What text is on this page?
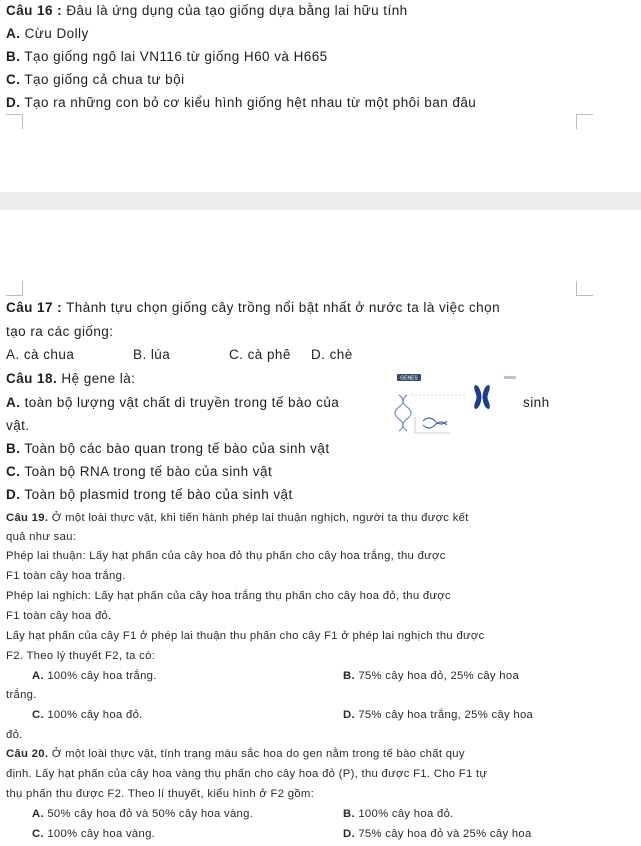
Câu 16 : Đâu là ứng dụng của tạo giống dựa bằng lai hữu tính
A. Cừu Dolly
B. Tạo giống ngô lai VN116 từ giống H60 và H665
C. Tạo giống cả chua tư bội
D. Tạo ra những con bỏ cơ kiểu hình giống hệt nhau từ một phôi ban đâu
Câu 17 : Thành tựu chọn giống cây trồng nổi bật nhất ở nước ta là việc chọn
tạo ra các giống:
A. cà chua	B. lúa	C. cà phê D. chè
Câu 18. Hệ gene là:
A. toàn bộ lượng vật chất di truyền trong tế bào của	sinh
vật.
B. Toàn bộ các bào quan trong tế bào của sinh vật
C. Toàn bộ RNA trong tế bào của sinh vật
D. Toàn bộ plasmid trong tế bào của sinh vật
GENES
Câu 19. Ở một loài thực vật, khi tiến hành phép lai thuận nghịch, người ta thu được kết
quả như sau:
Phép lai thuận: Lấy hạt phấn của cây hoa đỏ thụ phấn cho cây hoa trắng, thu được
F1 toàn cây hoa trắng.
Phép lai nghịch: Lấy hạt phấn của cây hoa trắng thụ phấn cho cây hoa đỏ, thu được
F1 toàn cây hoa đỏ.
Lấy hạt phấn của cây F1 ở phép lai thuận thu phấn cho cây F1 ở phép lai nghịch thu được
F2. Theo lý thuyết F2, ta có:
A. 100% cây hoa trắng.	B. 75% cây hoa đỏ, 25% cây hoa
trắng.
C. 100% cây hoa đỏ.	D. 75% cây hoa trắng, 25% cây hoa
đỏ.
Câu 20. Ở một loài thực vật, tính trạng màu sắc hoa do gen nằm trong tế bào chất quy
định. Lấy hạt phấn của cây hoa vàng thụ phấn cho cây hoa đỏ (P), thu được F1. Cho F1 tự
thụ phấn thu được F2. Theo lí thuyết, kiểu hình ở F2 gồm:
A. 50% cây hoa đỏ và 50% cây hoa vàng.	B. 100% cây hoa đỏ.
C. 100% cây hoa vàng.	D. 75% cây hoa đỏ và 25% cây hoa
